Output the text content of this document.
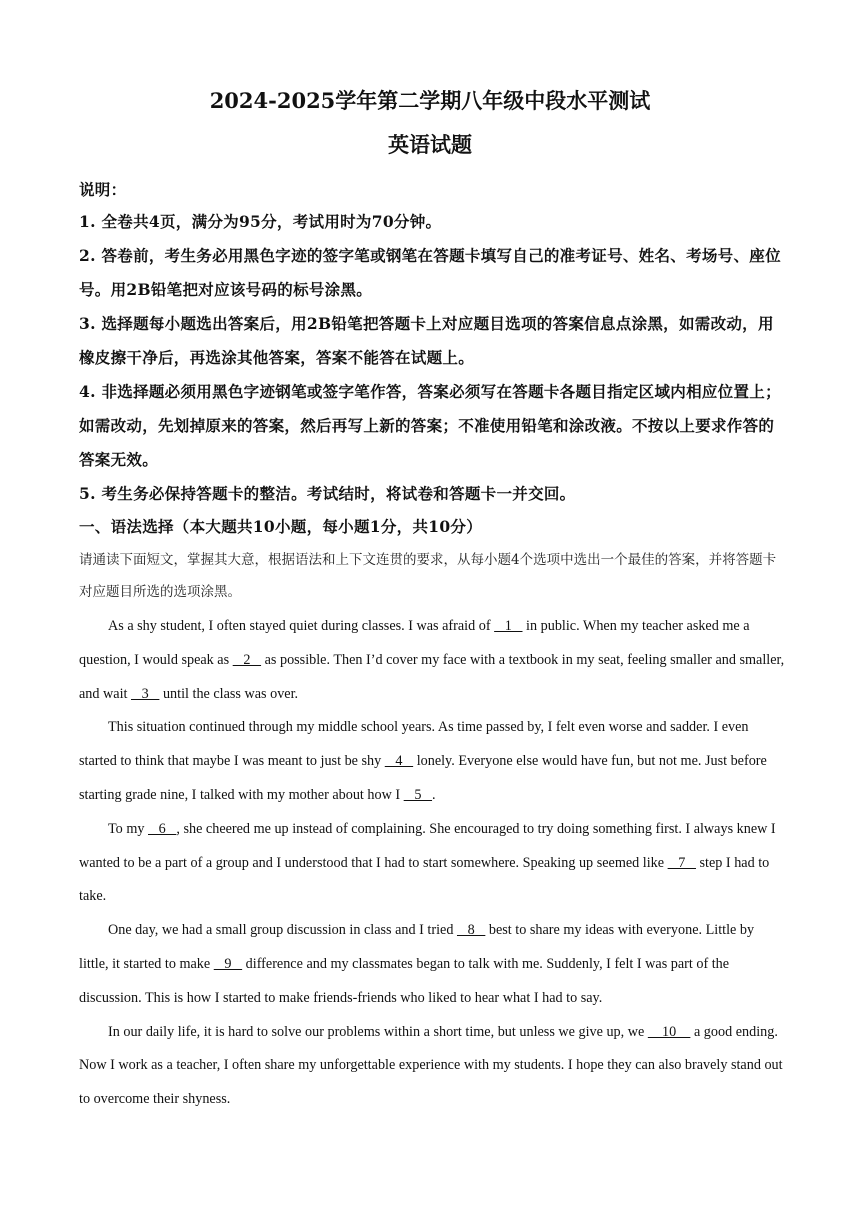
2024-2025学年第二学期八年级中段水平测试
英语试题
说明：
1. 全卷共4页，满分为95分，考试用时为70分钟。
2. 答卷前，考生务必用黑色字迹的签字笔或钢笔在答题卡填写自己的准考证号、姓名、考场号、座位号。用2B铅笔把对应该号码的标号涂黑。
3. 选择题每小题选出答案后，用2B铅笔把答题卡上对应题目选项的答案信息点涂黑，如需改动，用橡皮擦干净后，再选涂其他答案，答案不能答在试题上。
4. 非选择题必须用黑色字迹钢笔或签字笔作答，答案必须写在答题卡各题目指定区域内相应位置上；如需改动，先划掉原来的答案，然后再写上新的答案；不准使用铅笔和涂改液。不按以上要求作答的答案无效。
5. 考生务必保持答题卡的整洁。考试结时，将试卷和答题卡一并交回。
一、语法选择（本大题共10小题，每小题1分，共10分）
请通读下面短文，掌握其大意，根据语法和上下文连贯的要求，从每小题4个选项中选出一个最佳的答案，并将答题卡对应题目所选的选项涂黑。

As a shy student, I often stayed quiet during classes. I was afraid of    1    in public. When my teacher asked me a question, I would speak as    2    as possible. Then I’d cover my face with a textbook in my seat, feeling smaller and smaller, and wait    3    until the class was over.

This situation continued through my middle school years. As time passed by, I felt even worse and sadder. I even started to think that maybe I was meant to just be shy    4    lonely. Everyone else would have fun, but not me. Just before starting grade nine, I talked with my mother about how I    5   .

To my    6   , she cheered me up instead of complaining. She encouraged to try doing something first. I always knew I wanted to be a part of a group and I understood that I had to start somewhere. Speaking up seemed like    7    step I had to take.

One day, we had a small group discussion in class and I tried    8    best to share my ideas with everyone. Little by little, it started to make    9    difference and my classmates began to talk with me. Suddenly, I felt I was part of the discussion. This is how I started to make friends-friends who liked to hear what I had to say.

In our daily life, it is hard to solve our problems within a short time, but unless we give up, we     10     a good ending. Now I work as a teacher, I often share my unforgettable experience with my students. I hope they can also bravely stand out to overcome their shyness.
